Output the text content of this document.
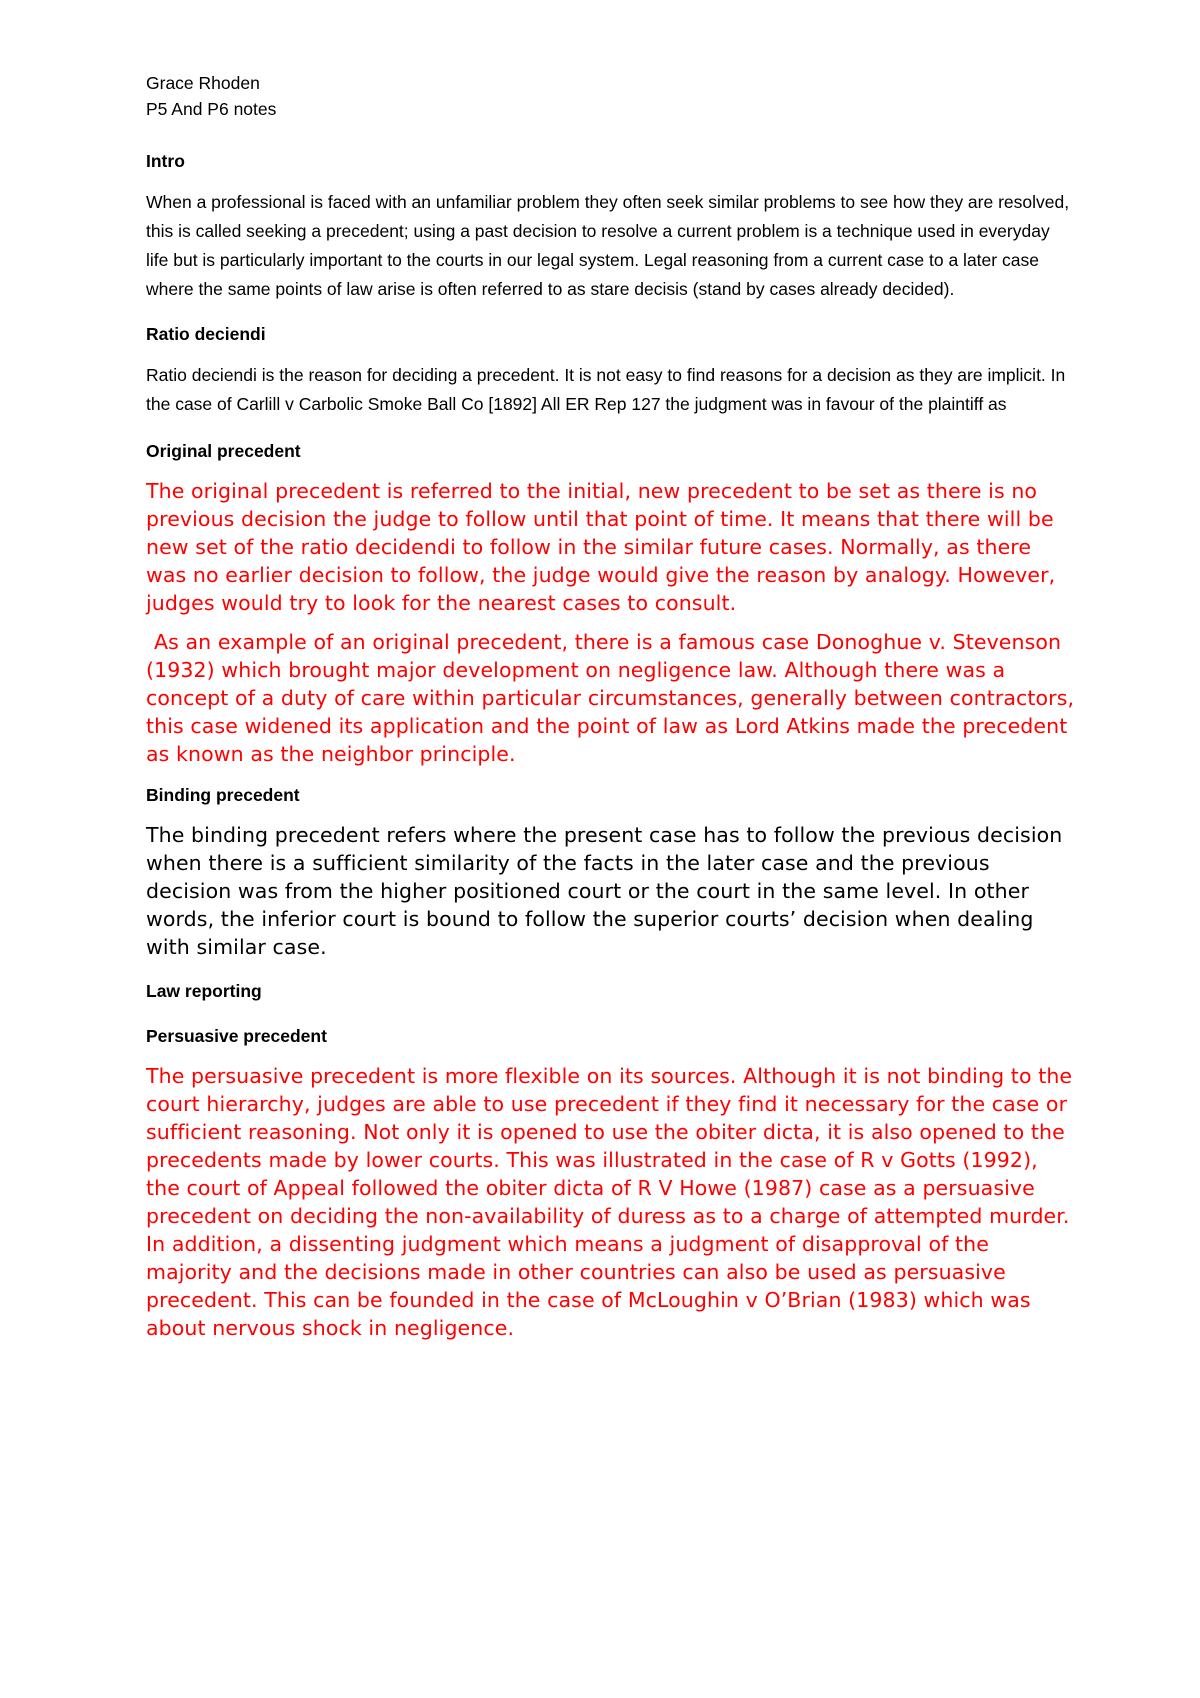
Grace Rhoden

P5 And P6 notes

Intro

When a professional is faced with an unfamiliar problem they often seek similar problems to see how they are resolved, this is called seeking a precedent; using a past decision to resolve a current problem is a technique used in everyday life but is particularly important to the courts in our legal system. Legal reasoning from a current case to a later case where the same points of law arise is often referred to as stare decisis (stand by cases already decided).

Ratio deciendi

Ratio deciendi is the reason for deciding a precedent. It is not easy to find reasons for a decision as they are implicit. In the case of Carlill v Carbolic Smoke Ball Co [1892] All ER Rep 127 the judgment was in favour of the plaintiff as

Original precedent

The original precedent is referred to the initial, new precedent to be set as there is no previous decision the judge to follow until that point of time. It means that there will be new set of the ratio decidendi to follow in the similar future cases. Normally, as there was no earlier decision to follow, the judge would give the reason by analogy. However, judges would try to look for the nearest cases to consult.

As an example of an original precedent, there is a famous case Donoghue v. Stevenson (1932) which brought major development on negligence law. Although there was a concept of a duty of care within particular circumstances, generally between contractors, this case widened its application and the point of law as Lord Atkins made the precedent as known as the neighbor principle.

Binding precedent

The binding precedent refers where the present case has to follow the previous decision when there is a sufficient similarity of the facts in the later case and the previous decision was from the higher positioned court or the court in the same level. In other words, the inferior court is bound to follow the superior courts’ decision when dealing with similar case.

Law reporting

Persuasive precedent

The persuasive precedent is more flexible on its sources. Although it is not binding to the court hierarchy, judges are able to use precedent if they find it necessary for the case or sufficient reasoning. Not only it is opened to use the obiter dicta, it is also opened to the precedents made by lower courts. This was illustrated in the case of R v Gotts (1992), the court of Appeal followed the obiter dicta of R V Howe (1987) case as a persuasive precedent on deciding the non-availability of duress as to a charge of attempted murder. In addition, a dissenting judgment which means a judgment of disapproval of the majority and the decisions made in other countries can also be used as persuasive precedent. This can be founded in the case of McLoughin v O’Brian (1983) which was about nervous shock in negligence.
